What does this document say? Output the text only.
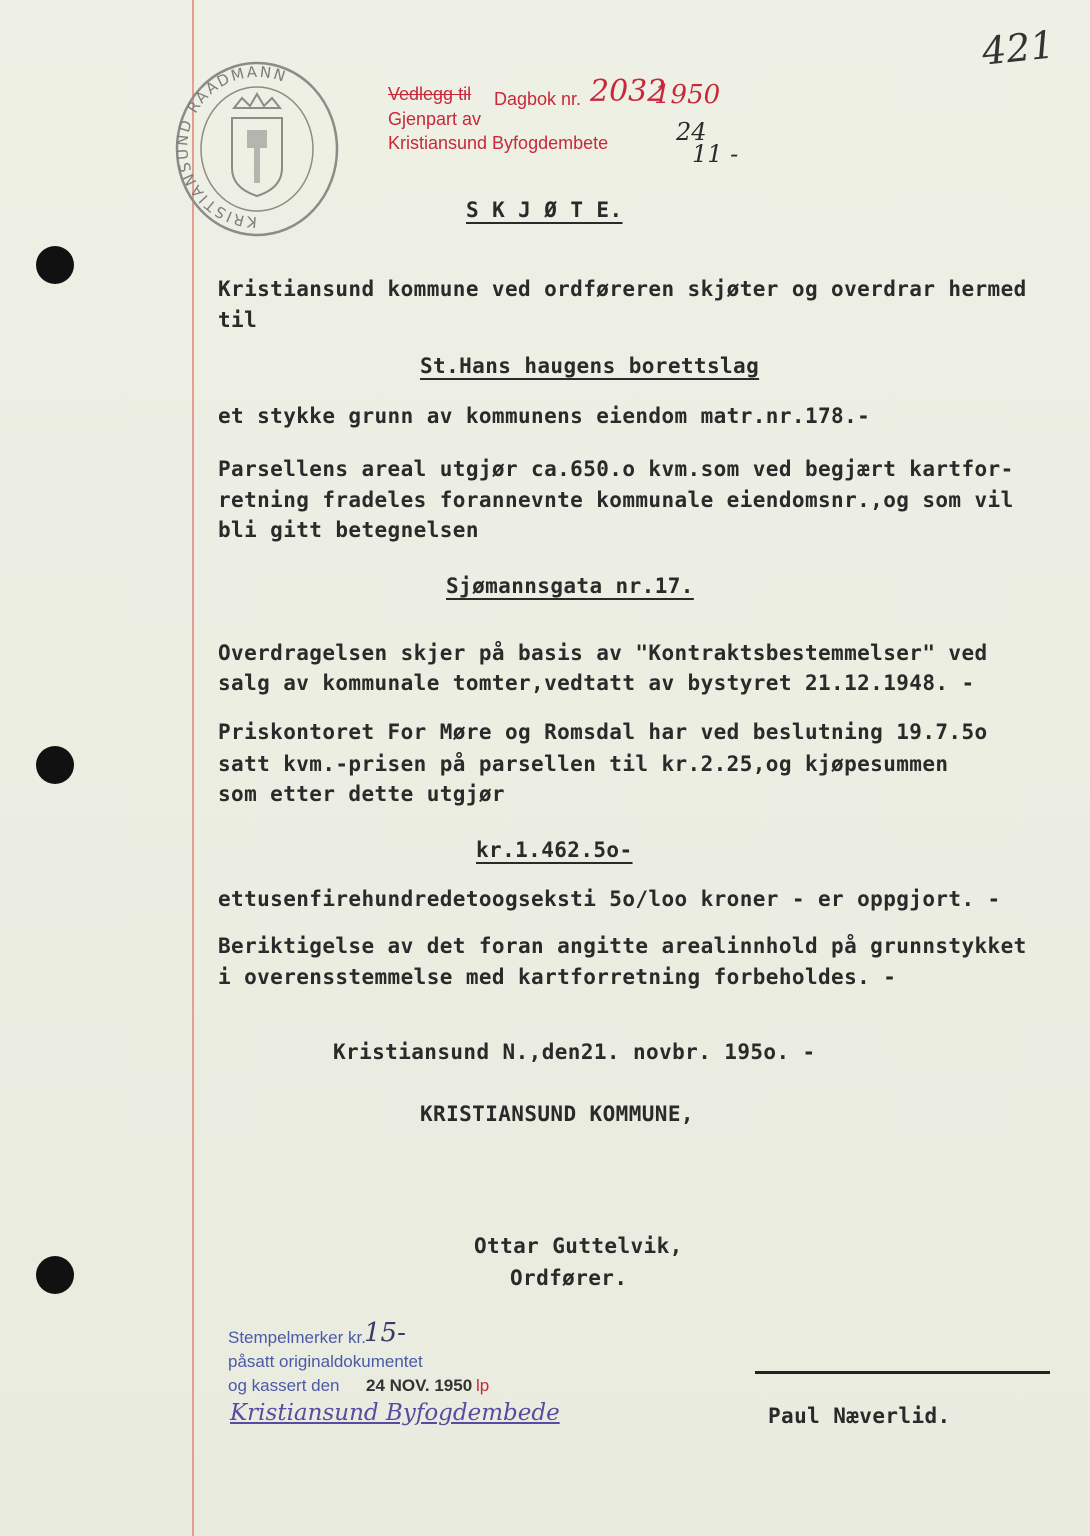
421
KRISTIANSUND RAADMANN
Vedlegg til Dagbok nr. 2032
1950
Gjenpart av
Kristiansund Byfogdembete	24
11 -
S K J Ø T E.
Kristiansund kommune ved ordføreren skjøter og overdrar hermed
til
St.Hans haugens borettslag
et stykke grunn av kommunens eiendom matr.nr.178.-
Parsellens areal utgjør ca.650.o kvm.som ved begjært kartfor-
retning fradeles forannevnte kommunale eiendomsnr.,og som vil
bli gitt betegnelsen
Sjømannsgata nr.17.
Overdragelsen skjer på basis av "Kontraktsbestemmelser" ved
salg av kommunale tomter,vedtatt av bystyret 21.12.1948. -
Priskontoret For Møre og Romsdal har ved beslutning 19.7.5o
satt kvm.-prisen på parsellen til kr.2.25,og kjøpesummen
som etter dette utgjør
kr.1.462.5o-
ettusenfirehundredetoogseksti 5o/loo kroner - er oppgjort. -
Beriktigelse av det foran angitte arealinnhold på grunnstykket
i overensstemmelse med kartforretning forbeholdes. -
Kristiansund N.,den21. novbr. 195o. -
KRISTIANSUND KOMMUNE,
Ottar Guttelvik,
Ordfører.
Stempelmerker kr.
15-
påsatt originaldokumentet
og kassert den 24 NOV. 1950 lp
Kristiansund Byfogdembede	Paul Næverlid.
